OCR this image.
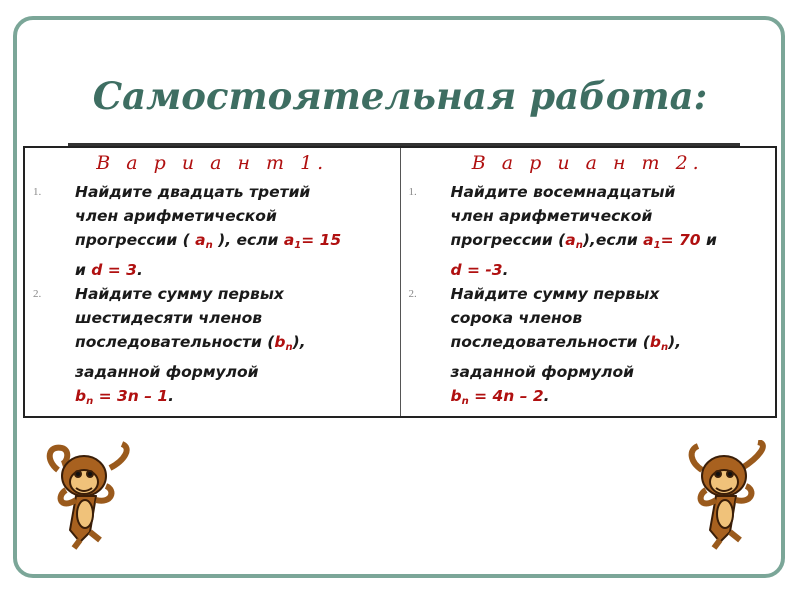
Самостоятельная работа:
В а р и а н т 1.
1. Найдите двадцать третий
член арифметической
прогрессии ( $а_n$ ), если $а_1= 15$
и d = 3.
2. Найдите сумму первых
шестидесяти членов
последовательности $(b_n)$,
заданной формулой
$b_n = 3n - 1$.
В а р и а н т 2.
1. Найдите восемнадцатый
член арифметической
прогрессии $(а_n),если$ $а_1= 70$ и
d = -3.
2. Найдите сумму первых
сорока членов
последовательности $(b_n)$,
заданной формулой
$b_n = 4n - 2$.
